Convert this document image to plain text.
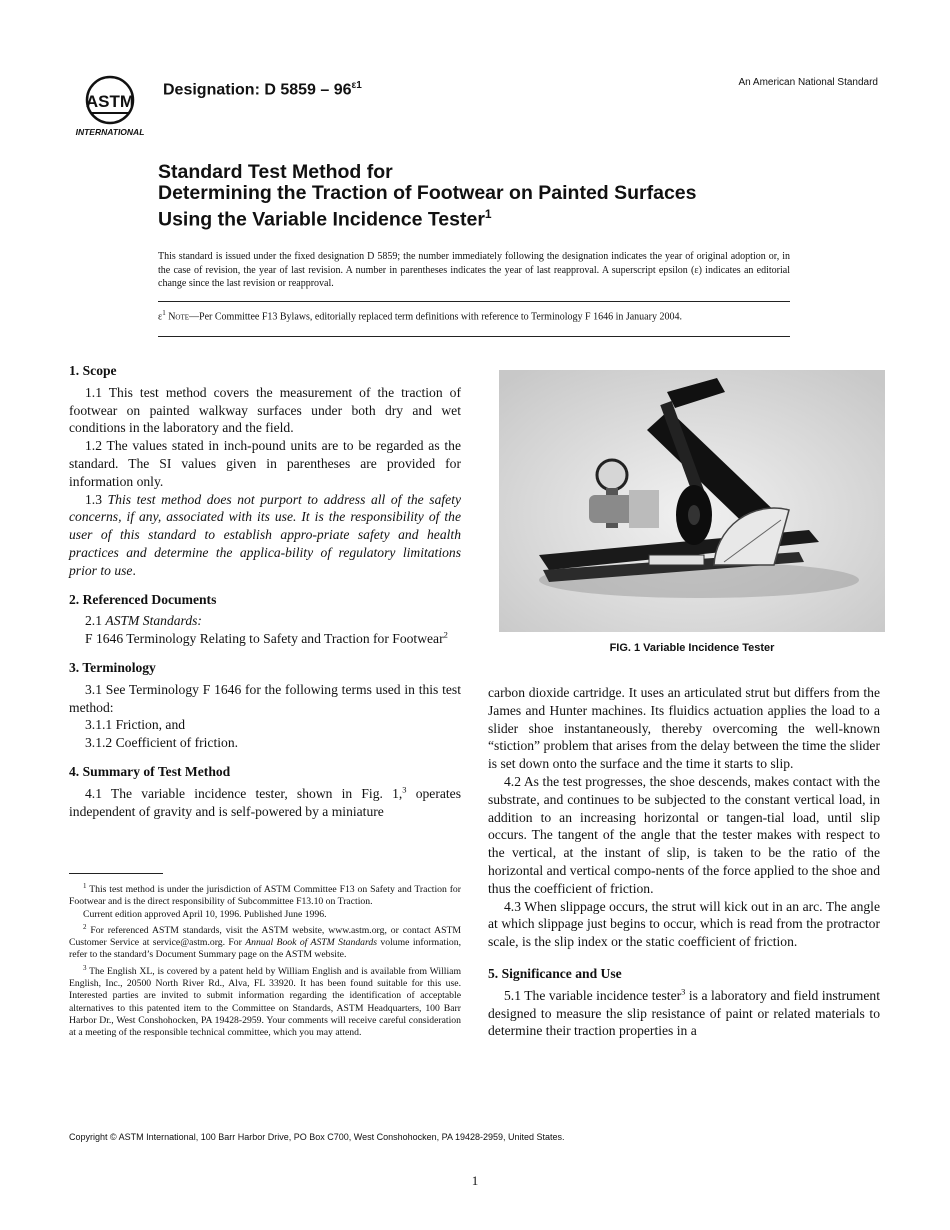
ASTM
INTERNATIONAL
Designation: D $5859 - 96^{\varepsilon 1}$	An American National Standard
Standard Test Method for
Determining the Traction of Footwear on Painted Surfaces
Using the Variable Incidence Tester$^1$
This standard is issued under the fixed designation D 5859; the number immediately following the designation indicates the year of original adoption or, in the case of revision, the year of last revision. A number in parentheses indicates the year of last reapproval. A superscript epsilon (ε) indicates an editorial change since the last revision or reapproval.
$\varepsilon^1$ Note—Per Committee F13 Bylaws, editorially replaced term definitions with reference to Terminology F 1646 in January 2004.
1. Scope

1.1 This test method covers the measurement of the traction of footwear on painted walkway surfaces under both dry and wet conditions in the laboratory and the field.

1.2 The values stated in inch-pound units are to be regarded as the standard. The SI values given in parentheses are provided for information only.

1.3 This test method does not purport to address all of the safety concerns, if any, associated with its use. It is the responsibility of the user of this standard to establish appro-priate safety and health practices and determine the applica-bility of regulatory limitations prior to use.

2. Referenced Documents

2.1 ASTM Standards:

F 1646 Terminology Relating to Safety and Traction for Footwear$^2$

3. Terminology

3.1 See Terminology F 1646 for the following terms used in this test method:

3.1.1 Friction, and

3.1.2 Coefficient of friction.

4. Summary of Test Method

4.1 The variable incidence tester, shown in Fig. 1,$^3$ operates independent of gravity and is self-powered by a miniature

$^1$ This test method is under the jurisdiction of ASTM Committee F13 on Safety and Traction for Footwear and is the direct responsibility of Subcommittee F13.10 on Traction.

Current edition approved April 10, 1996. Published June 1996.

$^2$ For referenced ASTM standards, visit the ASTM website, www.astm.org, or contact ASTM Customer Service at service@astm.org. For Annual Book of ASTM Standards volume information, refer to the standard’s Document Summary page on the ASTM website.

$^3$ The English XL, is covered by a patent held by William English and is available from William English, Inc., 20500 North River Rd., Alva, FL 33920. It has been found suitable for this use. Interested parties are invited to submit information regarding the identification of acceptable alternatives to this patented item to the Committee on Standards, ASTM Headquarters, 100 Barr Harbor Dr., West Conshohocken, PA 19428-2959. Your comments will receive careful consideration at a meeting of the responsible technical committee, which you may attend.

FIG. 1 Variable Incidence Tester

carbon dioxide cartridge. It uses an articulated strut but differs from the James and Hunter machines. Its fluidics actuation applies the load to a slider shoe instantaneously, thereby overcoming the well-known “stiction” problem that arises from the delay between the time the slider is set down onto the surface and the time it starts to slip.

4.2 As the test progresses, the shoe descends, makes contact with the substrate, and continues to be subjected to the constant vertical load, in addition to an increasing horizontal or tangen-tial load, until slip occurs. The tangent of the angle that the tester makes with respect to the vertical, at the instant of slip, is taken to be the ratio of the horizontal and vertical compo-nents of the force applied to the shoe and thus the coefficient of friction.

4.3 When slippage occurs, the strut will kick out in an arc. The angle at which slippage just begins to occur, which is read from the protractor scale, is the slip index or the static coefficient of friction.

5. Significance and Use

5.1 The variable incidence tester$^3$ is a laboratory and field instrument designed to measure the slip resistance of paint or related materials to determine their traction properties in a

Copyright © ASTM International, 100 Barr Harbor Drive, PO Box C700, West Conshohocken, PA 19428-2959, United States.
1
